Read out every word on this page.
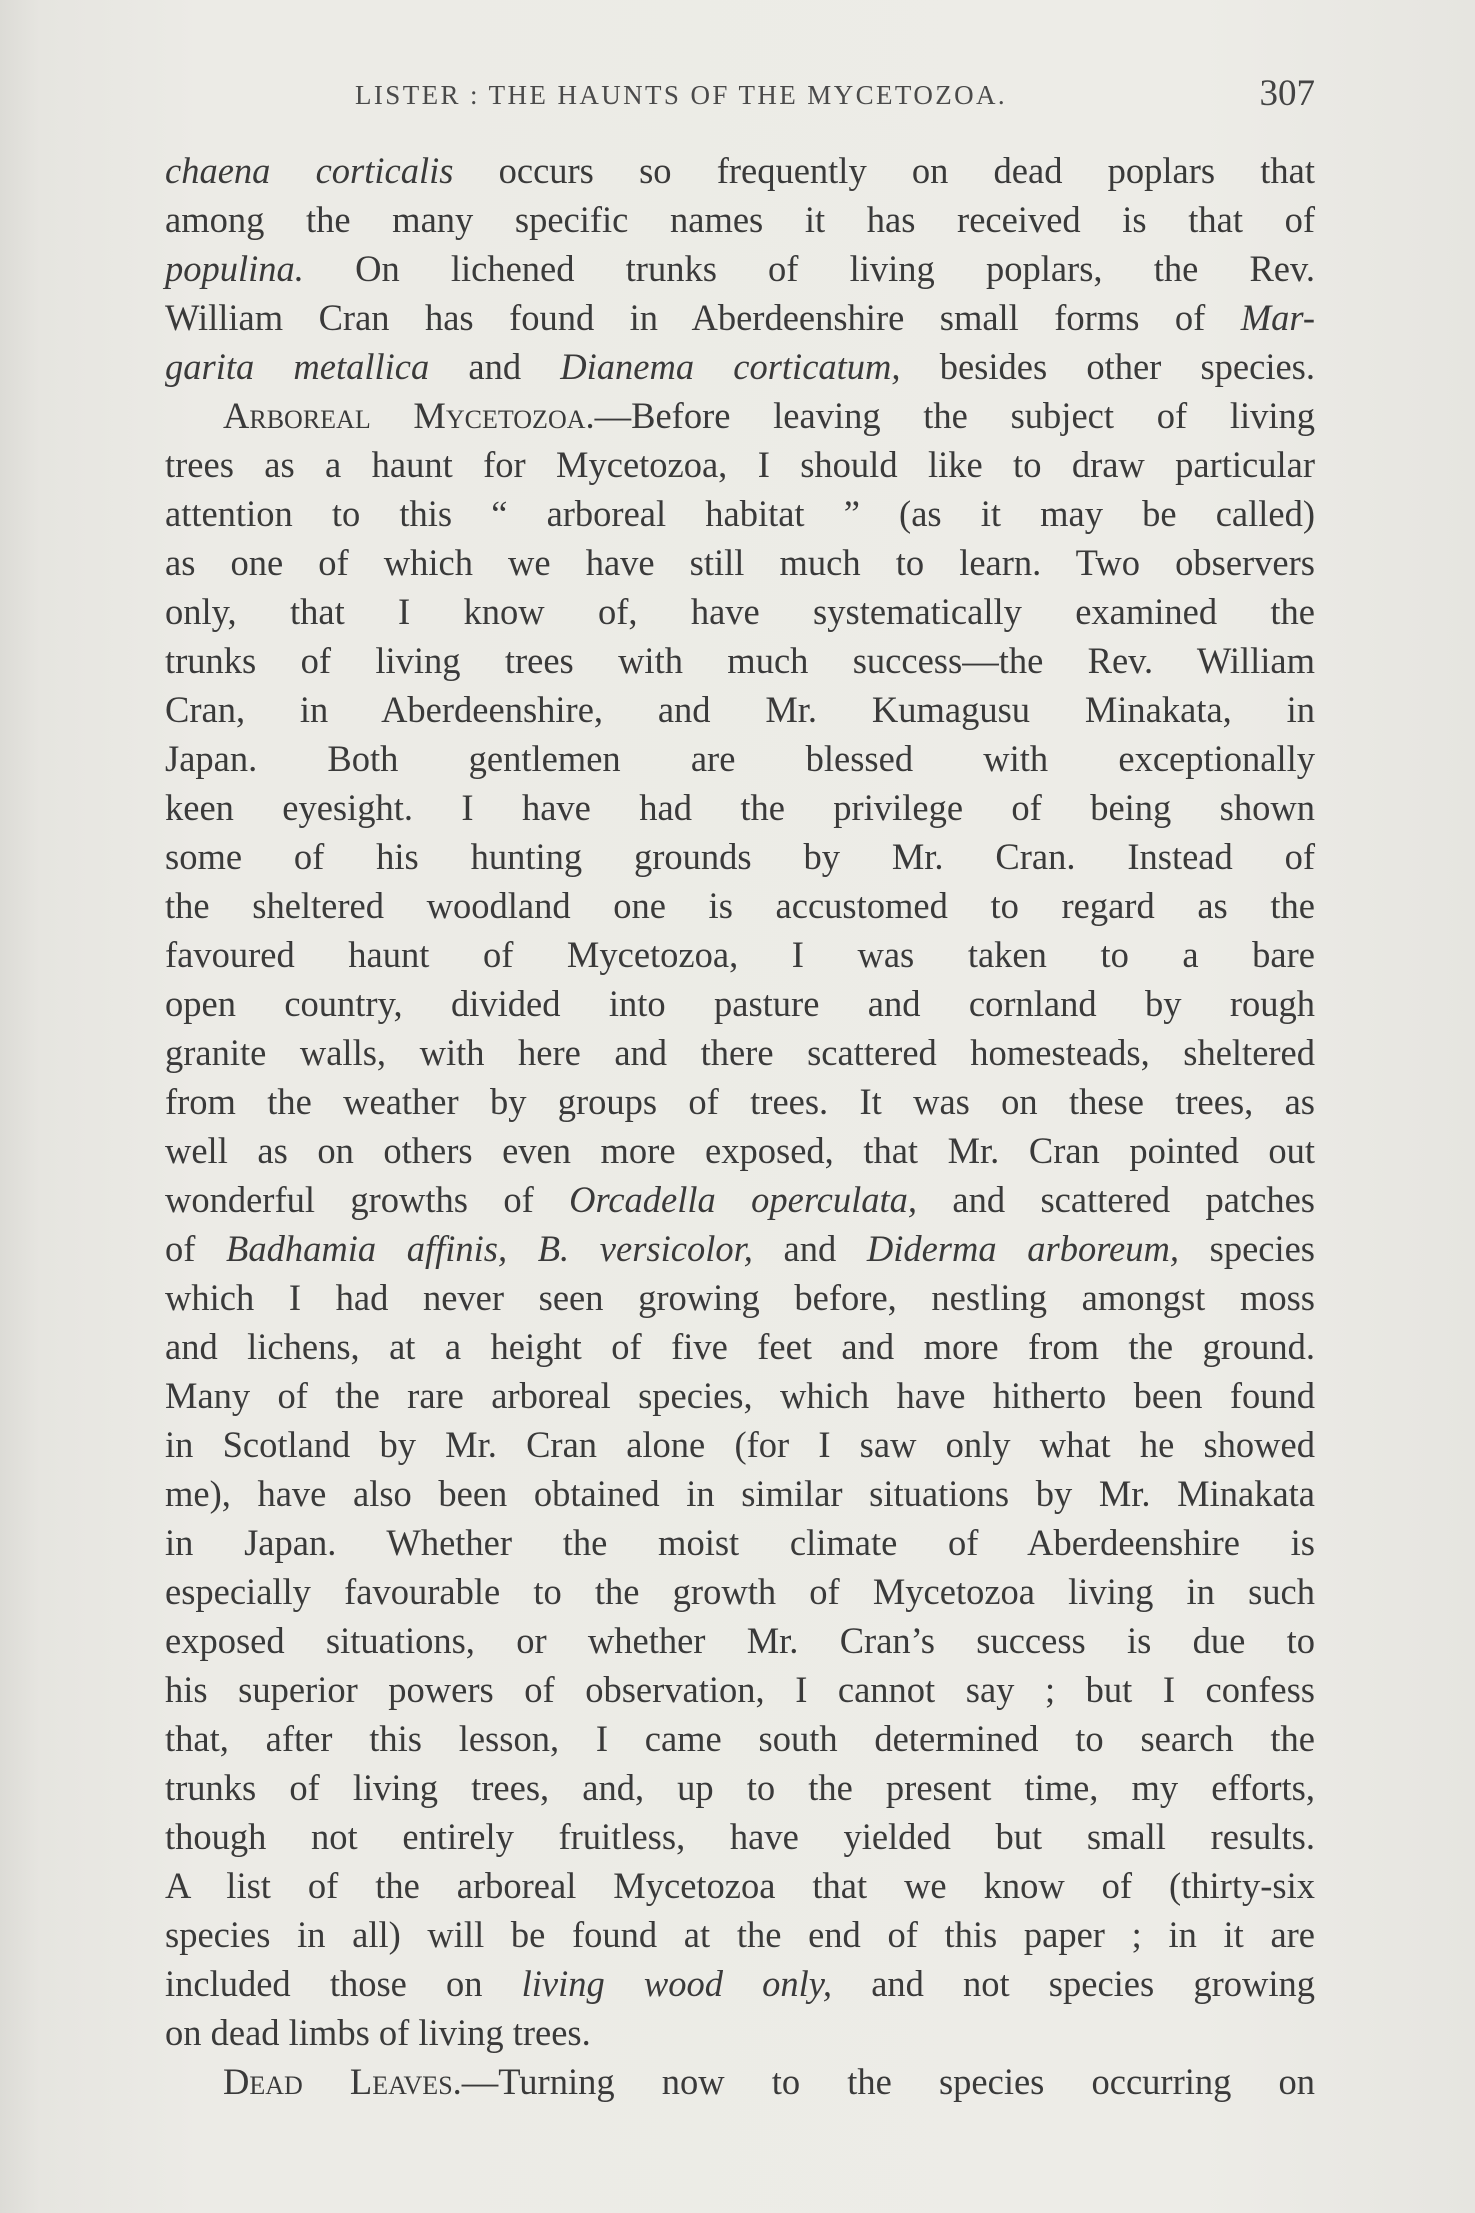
LISTER : THE HAUNTS OF THE MYCETOZOA.	307
chaena corticalis occurs so frequently on dead poplars that
among the many specific names it has received is that of
populina. On lichened trunks of living poplars, the Rev.
William Cran has found in Aberdeenshire small forms of Mar-
garita metallica and Dianema corticatum, besides other species.
Arboreal Mycetozoa.—Before leaving the subject of living
trees as a haunt for Mycetozoa, I should like to draw particular
attention to this “ arboreal habitat ” (as it may be called)
as one of which we have still much to learn. Two observers
only, that I know of, have systematically examined the
trunks of living trees with much success—the Rev. William
Cran, in Aberdeenshire, and Mr. Kumagusu Minakata, in
Japan. Both gentlemen are blessed with exceptionally
keen eyesight. I have had the privilege of being shown
some of his hunting grounds by Mr. Cran. Instead of
the sheltered woodland one is accustomed to regard as the
favoured haunt of Mycetozoa, I was taken to a bare
open country, divided into pasture and cornland by rough
granite walls, with here and there scattered homesteads, sheltered
from the weather by groups of trees. It was on these trees, as
well as on others even more exposed, that Mr. Cran pointed out
wonderful growths of Orcadella operculata, and scattered patches
of Badhamia affinis, B. versicolor, and Diderma arboreum, species
which I had never seen growing before, nestling amongst moss
and lichens, at a height of five feet and more from the ground.
Many of the rare arboreal species, which have hitherto been found
in Scotland by Mr. Cran alone (for I saw only what he showed
me), have also been obtained in similar situations by Mr. Minakata
in Japan. Whether the moist climate of Aberdeenshire is
especially favourable to the growth of Mycetozoa living in such
exposed situations, or whether Mr. Cran’s success is due to
his superior powers of observation, I cannot say ; but I confess
that, after this lesson, I came south determined to search the
trunks of living trees, and, up to the present time, my efforts,
though not entirely fruitless, have yielded but small results.
A list of the arboreal Mycetozoa that we know of (thirty-six
species in all) will be found at the end of this paper ; in it are
included those on living wood only, and not species growing
on dead limbs of living trees.
Dead Leaves.—Turning now to the species occurring on
